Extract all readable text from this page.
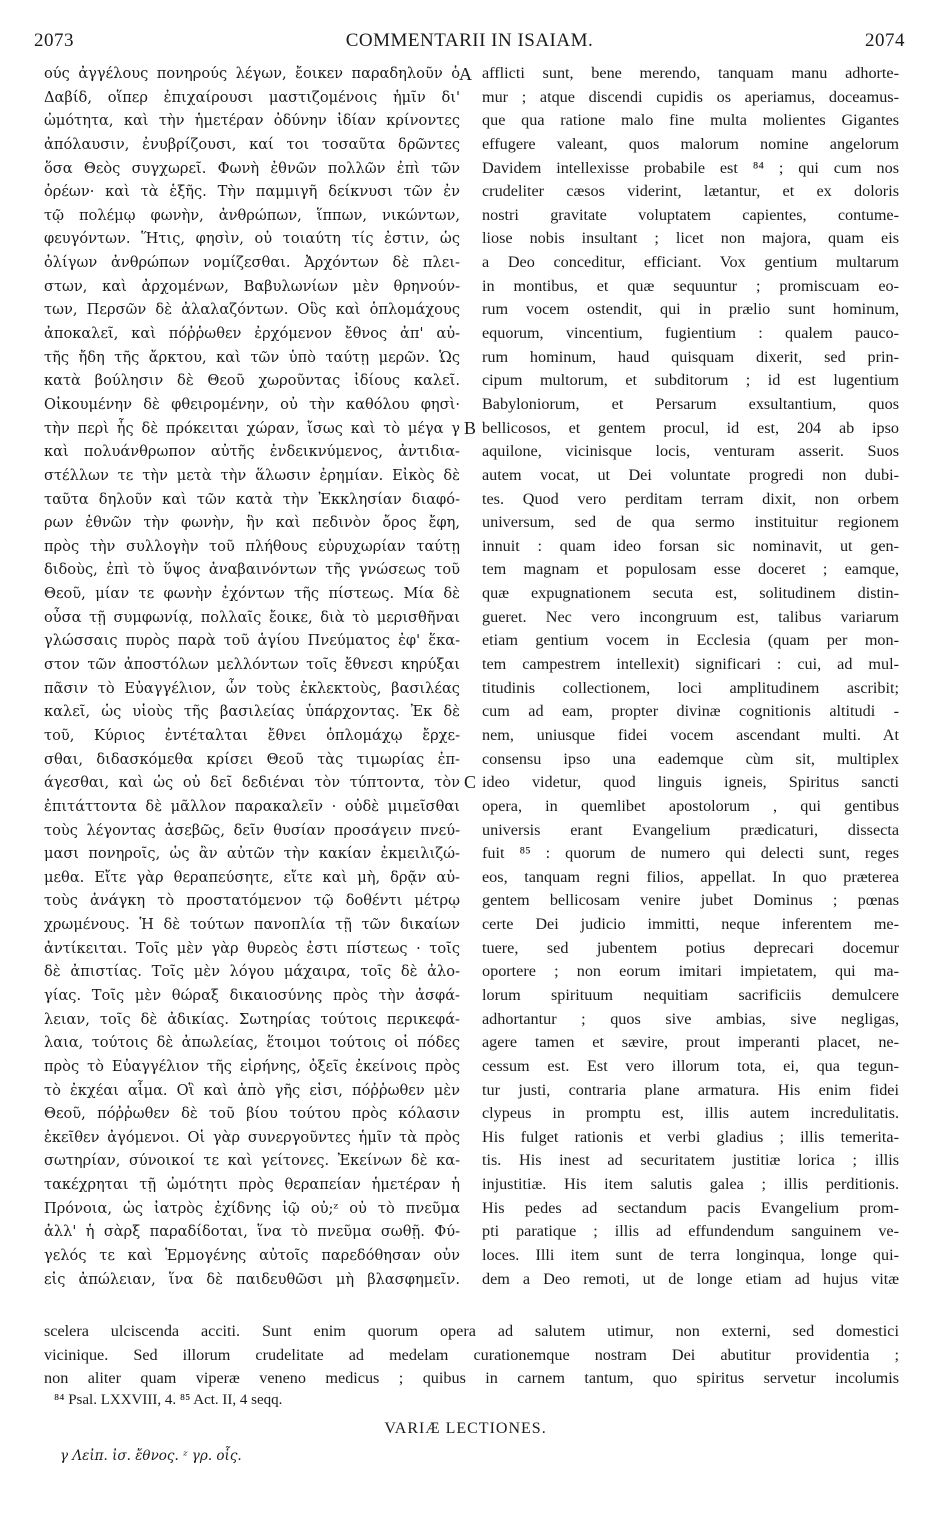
2073	COMMENTARII IN ISAIAM.	2074
ούς ἀγγέλους πονηρούς λέγων, ἔοικεν παραδηλοῦν ὁ
Δαβίδ, οἵπερ ἐπιχαίρουσι μαστιζομένοις ἡμῖν δι'
ὠμότητα, καὶ τὴν ἡμετέραν ὀδύνην ἰδίαν κρίνοντες
ἀπόλαυσιν, ἐνυβρίζουσι, καί τοι τοσαῦτα δρῶντες
ὅσα Θεὸς συγχωρεῖ. Φωνὴ ἐθνῶν πολλῶν ἐπὶ τῶν
ὀρέων· καὶ τὰ ἑξῆς. Τὴν παμμιγῆ δείκνυσι τῶν ἐν
τῷ πολέμῳ φωνὴν, ἀνθρώπων, ἵππων, νικώντων,
φευγόντων. Ἥτις, φησὶν, οὐ τοιαύτη τίς ἐστιν, ὡς
ὀλίγων ἀνθρώπων νομίζεσθαι. Ἀρχόντων δὲ πλει-
στων, καὶ ἀρχομένων, Βαβυλωνίων μὲν θρηνούν-
των, Περσῶν δὲ ἀλαλαζόντων. Οὓς καὶ ὁπλομάχους
ἀποκαλεῖ, καὶ πόῤῥωθεν ἐρχόμενον ἔθνος ἀπ' αὐ-
τῆς ἤδη τῆς ἄρκτου, καὶ τῶν ὑπὸ ταύτῃ μερῶν. Ὡς
κατὰ βούλησιν δὲ Θεοῦ χωροῦντας ἰδίους καλεῖ.
Οἰκουμένην δὲ φθειρομένην, οὐ τὴν καθόλου φησὶ·
τὴν περὶ ἧς δὲ πρόκειται χώραν, ἴσως καὶ τὸ μέγα γ
καὶ πολυάνθρωπον αὐτῆς ἐνδεικνύμενος, ἀντιδια-
στέλλων τε τὴν μετὰ τὴν ἅλωσιν ἐρημίαν. Εἰκὸς δὲ
ταῦτα δηλοῦν καὶ τῶν κατὰ τὴν Ἐκκλησίαν διαφό-
ρων ἐθνῶν τὴν φωνὴν, ἣν καὶ πεδινὸν ὄρος ἔφη,
πρὸς τὴν συλλογὴν τοῦ πλήθους εὐρυχωρίαν ταύτῃ
διδοὺς, ἐπὶ τὸ ὕψος ἀναβαινόντων τῆς γνώσεως τοῦ
Θεοῦ, μίαν τε φωνὴν ἐχόντων τῆς πίστεως. Μία δὲ
οὖσα τῇ συμφωνίᾳ, πολλαῖς ἔοικε, διὰ τὸ μερισθῆναι
γλώσσαις πυρὸς παρὰ τοῦ ἁγίου Πνεύματος ἐφ' ἕκα-
στον τῶν ἀποστόλων μελλόντων τοῖς ἔθνεσι κηρύξαι
πᾶσιν τὸ Εὐαγγέλιον, ὧν τοὺς ἐκλεκτοὺς, βασιλέας
καλεῖ, ὡς υἱοὺς τῆς βασιλείας ὑπάρχοντας. Ἐκ δὲ
τοῦ, Κύριος ἐντέταλται ἔθνει ὁπλομάχῳ ἔρχε-
σθαι, διδασκόμεθα κρίσει Θεοῦ τὰς τιμωρίας ἐπ-
άγεσθαι, καὶ ὡς οὐ δεῖ δεδιέναι τὸν τύπτοντα, τὸν
ἐπιτάττοντα δὲ μᾶλλον παρακαλεῖν · οὐδὲ μιμεῖσθαι
τοὺς λέγοντας ἀσεβῶς, δεῖν θυσίαν προσάγειν πνεύ-
μασι πονηροῖς, ὡς ἂν αὐτῶν τὴν κακίαν ἐκμειλιζώ-
μεθα. Εἴτε γὰρ θεραπεύσητε, εἴτε καὶ μὴ, δρᾷν αὐ-
τοὺς ἀνάγκη τὸ προστατόμενον τῷ δοθέντι μέτρῳ
χρωμένους. Ἡ δὲ τούτων πανοπλία τῇ τῶν δικαίων
ἀντίκειται. Τοῖς μὲν γὰρ θυρεὸς ἐστι πίστεως · τοῖς
δὲ ἀπιστίας. Τοῖς μὲν λόγου μάχαιρα, τοῖς δὲ ἀλο-
γίας. Τοῖς μὲν θώραξ δικαιοσύνης πρὸς τὴν ἀσφά-
λειαν, τοῖς δὲ ἀδικίας. Σωτηρίας τούτοις περικεφά-
λαια, τούτοις δὲ ἀπωλείας, ἕτοιμοι τούτοις οἱ πόδες
πρὸς τὸ Εὐαγγέλιον τῆς εἰρήνης, ὀξεῖς ἐκείνοις πρὸς
τὸ ἐκχέαι αἷμα. Οἳ καὶ ἀπὸ γῆς εἰσι, πόῤῥωθεν μὲν
Θεοῦ, πόῤῥωθεν δὲ τοῦ βίου τούτου πρὸς κόλασιν
ἐκεῖθεν ἀγόμενοι. Οἱ γὰρ συνεργοῦντες ἡμῖν τὰ πρὸς
σωτηρίαν, σύνοικοί τε καὶ γείτονες. Ἐκείνων δὲ κα-
τακέχρηται τῇ ὠμότητι πρὸς θεραπείαν ἡμετέραν ἡ
Πρόνοια, ὡς ἰατρὸς ἐχίδνης ἰῷ οὐ;ᶻ οὐ τὸ πνεῦμα
ἀλλ' ἡ σὰρξ παραδίδοται, ἵνα τὸ πνεῦμα σωθῇ. Φύ-
γελός τε καὶ Ἑρμογένης αὐτοῖς παρεδόθησαν οὐν
εἰς ἀπώλειαν, ἵνα δὲ παιδευθῶσι μὴ βλασφημεῖν.
afflicti sunt, bene merendo, tanquam manu adhorte-
mur ; atque discendi cupidis os aperiamus, doceamus-
que qua ratione malo fine multa molientes Gigantes
effugere valeant, quos malorum nomine angelorum
Davidem intellexisse probabile est ⁸⁴ ; qui cum nos
crudeliter cæsos viderint, lætantur, et ex doloris
nostri gravitate voluptatem capientes, contume-
liose nobis insultant ; licet non majora, quam eis
a Deo conceditur, efficiant. Vox gentium multarum
in montibus, et quæ sequuntur ; promiscuam eo-
rum vocem ostendit, qui in prælio sunt hominum,
equorum, vincentium, fugientium : qualem pauco-
rum hominum, haud quisquam dixerit, sed prin-
cipum multorum, et subditorum ; id est lugentium
Babyloniorum, et Persarum exsultantium, quos
bellicosos, et gentem procul, id est, 204 ab ipso
aquilone, vicinisque locis, venturam asserit. Suos
autem vocat, ut Dei voluntate progredi non dubi-
tes. Quod vero perditam terram dixit, non orbem
universum, sed de qua sermo instituitur regionem
innuit : quam ideo forsan sic nominavit, ut gen-
tem magnam et populosam esse doceret ; eamque,
quæ expugnationem secuta est, solitudinem distin-
gueret. Nec vero incongruum est, talibus variarum
etiam gentium vocem in Ecclesia (quam per mon-
tem campestrem intellexit) significari : cui, ad mul-
titudinis collectionem, loci amplitudinem ascribit;
cum ad eam, propter divinæ cognitionis altitudi -
nem, uniusque fidei vocem ascendant multi. At
consensu ipso una eademque cùm sit, multiplex
ideo videtur, quod linguis igneis, Spiritus sancti
opera, in quemlibet apostolorum , qui gentibus
universis erant Evangelium prædicaturi, dissecta
fuit ⁸⁵ : quorum de numero qui delecti sunt, reges
eos, tanquam regni filios, appellat. In quo præterea
gentem bellicosam venire jubet Dominus ; pœnas
certe Dei judicio immitti, neque inferentem me-
tuere, sed jubentem potius deprecari docemur
oportere ; non eorum imitari impietatem, qui ma-
lorum spirituum nequitiam sacrificiis demulcere
adhortantur ; quos sive ambias, sive negligas,
agere tamen et sævire, prout imperanti placet, ne-
cessum est. Est vero illorum tota, ei, qua tegun-
tur justi, contraria plane armatura. His enim fidei
clypeus in promptu est, illis autem incredulitatis.
His fulget rationis et verbi gladius ; illis temerita-
tis. His inest ad securitatem justitiæ lorica ; illis
injustitiæ. His item salutis galea ; illis perditionis.
His pedes ad sectandum pacis Evangelium prom-
pti paratique ; illis ad effundendum sanguinem ve-
loces. Illi item sunt de terra longinqua, longe qui-
dem a Deo remoti, ut de longe etiam ad hujus vitæ
A
B
C
scelera ulciscenda acciti. Sunt enim quorum opera ad salutem utimur, non externi, sed domestici
vicinique. Sed illorum crudelitate ad medelam curationemque nostram Dei abutitur providentia ;
non aliter quam viperæ veneno medicus ; quibus in carnem tantum, quo spiritus servetur incolumis
⁸⁴ Psal. LXXVIII, 4. ⁸⁵ Act. II, 4 seqq.
VARIÆ LECTIONES.
γ Λεἰπ. ἰσ. ἔθνος. ᶻ γρ. οἷς.
